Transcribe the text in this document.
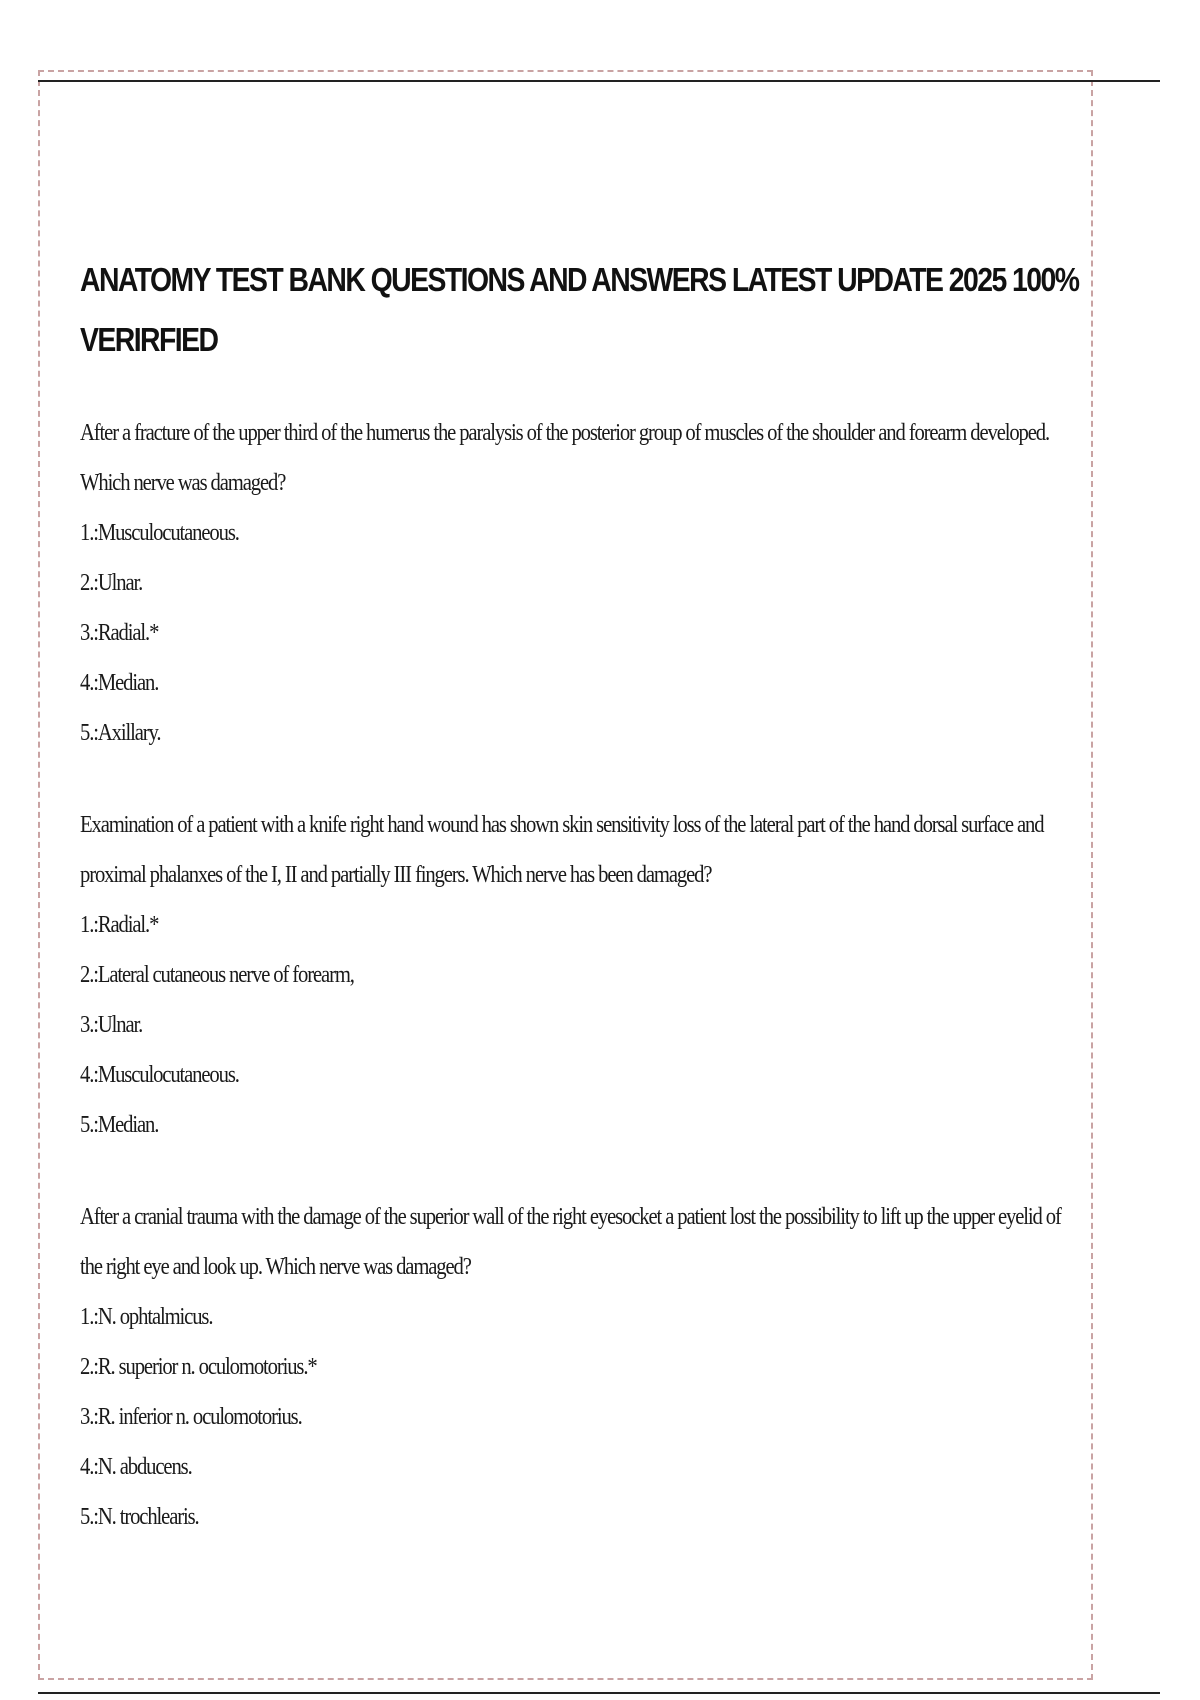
ANATOMY TEST BANK QUESTIONS AND ANSWERS LATEST UPDATE 2025 100% VERIRFIED
After a fracture of the upper third of the humerus the paralysis of the posterior group of muscles of the shoulder and forearm developed. Which nerve was damaged?
1.:Musculocutaneous.
2.:Ulnar.
3.:Radial.*
4.:Median.
5.:Axillary.
Examination of a patient with a knife right hand wound has shown skin sensitivity loss of the lateral part of the hand dorsal surface and proximal phalanxes of the I, II and partially III fingers. Which nerve has been damaged?
1.:Radial.*
2.:Lateral cutaneous nerve of forearm,
3.:Ulnar.
4.:Musculocutaneous.
5.:Median.
After a cranial trauma with the damage of the superior wall of the right eyesocket a patient lost the possibility to lift up the upper eyelid of the right eye and look up. Which nerve was damaged?
1.:N. ophtalmicus.
2.:R. superior n. oculomotorius.*
3.:R. inferior n. oculomotorius.
4.:N. abducens.
5.:N. trochlearis.
